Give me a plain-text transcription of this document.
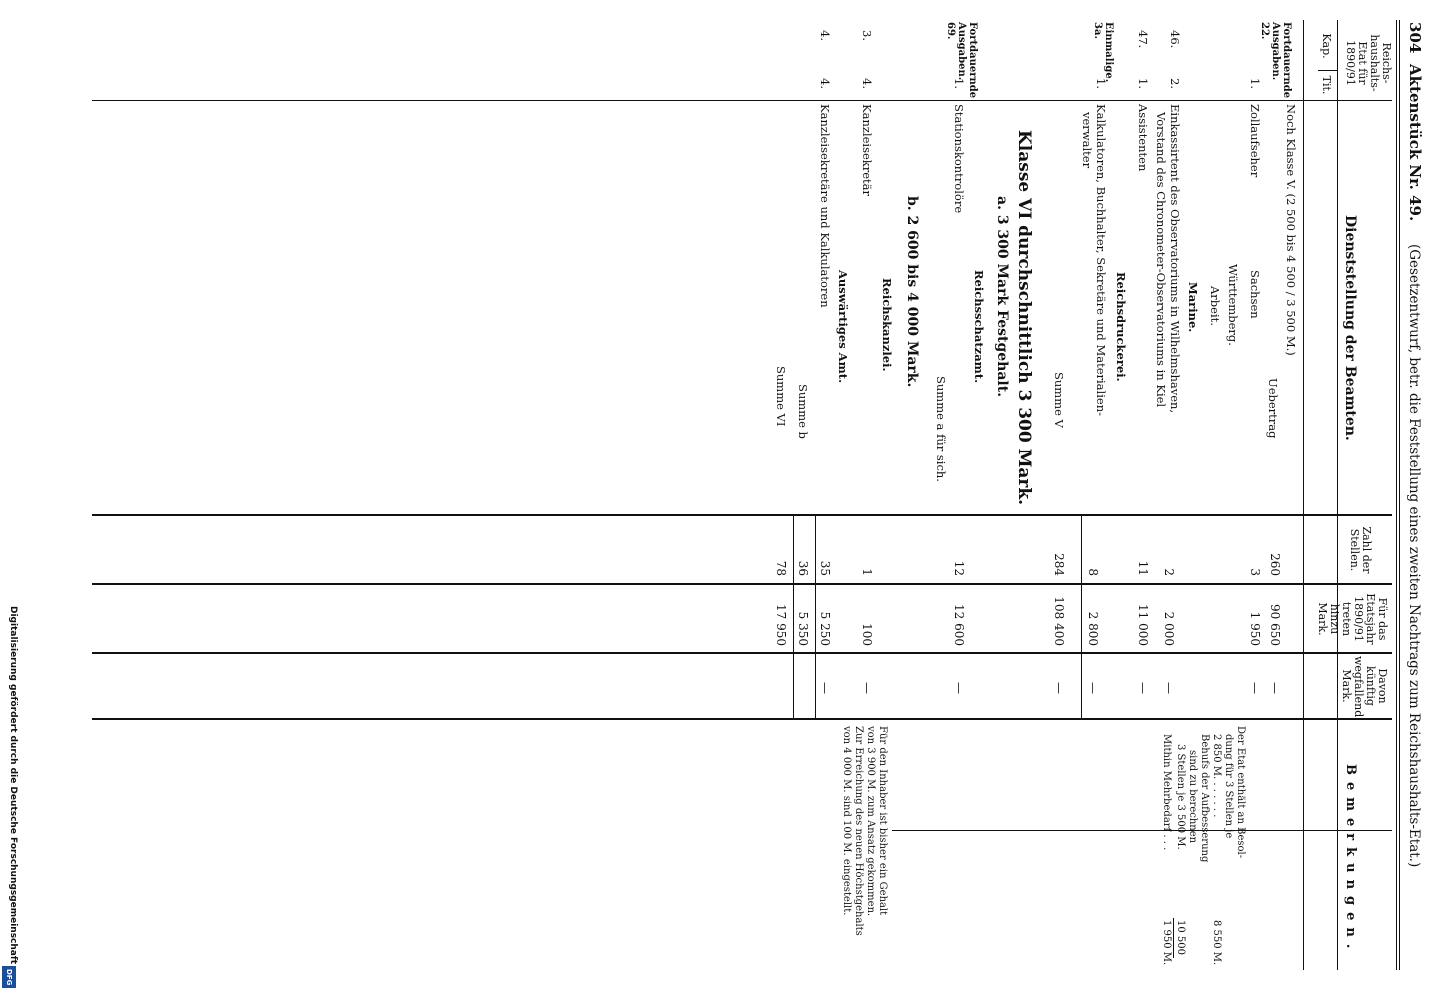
Digitalisierung gefördert durch die Deutsche Forschungsgemeinschaft
DFG
304
Aktenstück Nr. 49.
(Gesetzentwurf, betr. die Feststellung eines zweiten Nachtrags zum Reichshaushalts-Etat.)
Reichs-haushalts-Etat für 1890/91
Kap.
Tit.
Dienststellung der Beamten.
Zahl der Stellen.
Für das Etatsjahr 1890/91 treten hinzu Mark.
Davon künftig wegfallend Mark.
Bemerkungen.
Noch Klasse V. (2 500 bis 4 500 / 3 500 M.)
Uebertrag
260
90 650
—
Fortdauernde Ausgaben. 22.
1.
Zollaufseher
Sachsen
3
1 950
—
Württemberg.
Arbeit.
Marine.
46.
2.
Einkassirtent des Observatoriums in Wilhelmshaven,
Vorstand des Chronometer-Observatoriums in Kiel
2
2 000
—
47.
1.
Assistenten
11
11 000
—
Reichsdruckerei.
Einmalige. 3a.
1.
Kalkulatoren, Buchhalter, Sekretäre und Materialien-
verwalter
8
2 800
—
Summe V
284
108 400
—
Klasse VI durchschnittlich 3 300 Mark.
a. 3 300 Mark Festgehalt.
Reichsschatzamt.
Fortdauernde Ausgaben. 69.
1.
Stationskontrolöre
12
12 600
—
Summe a für sich.
b. 2 600 bis 4 000 Mark.
Reichskanzlei.
3.
4.
Kanzleisekretär
1
100
—
Auswärtiges Amt.
4.
4.
Kanzleisekretäre und Kalkulatoren
35
5 250
—
Summe b
36
5 350
Summe VI
78
17 950
Der Etat enthält an Besol-
dung für 3 Stellen je
2 850 M. . . . . . .
8 550 M.
Behufs der Aufbesserung
sind zu berechnen
3 Stellen je 3 500 M.
10 500
Mithin Mehrbedarf . . .
1 950 M.
Für den Inhaber ist bisher ein Gehalt
von 3 900 M. zum Ansatz gekommen.
Zur Erreichung des neuen Höchstgehalts
von 4 000 M. sind 100 M. eingestellt.
